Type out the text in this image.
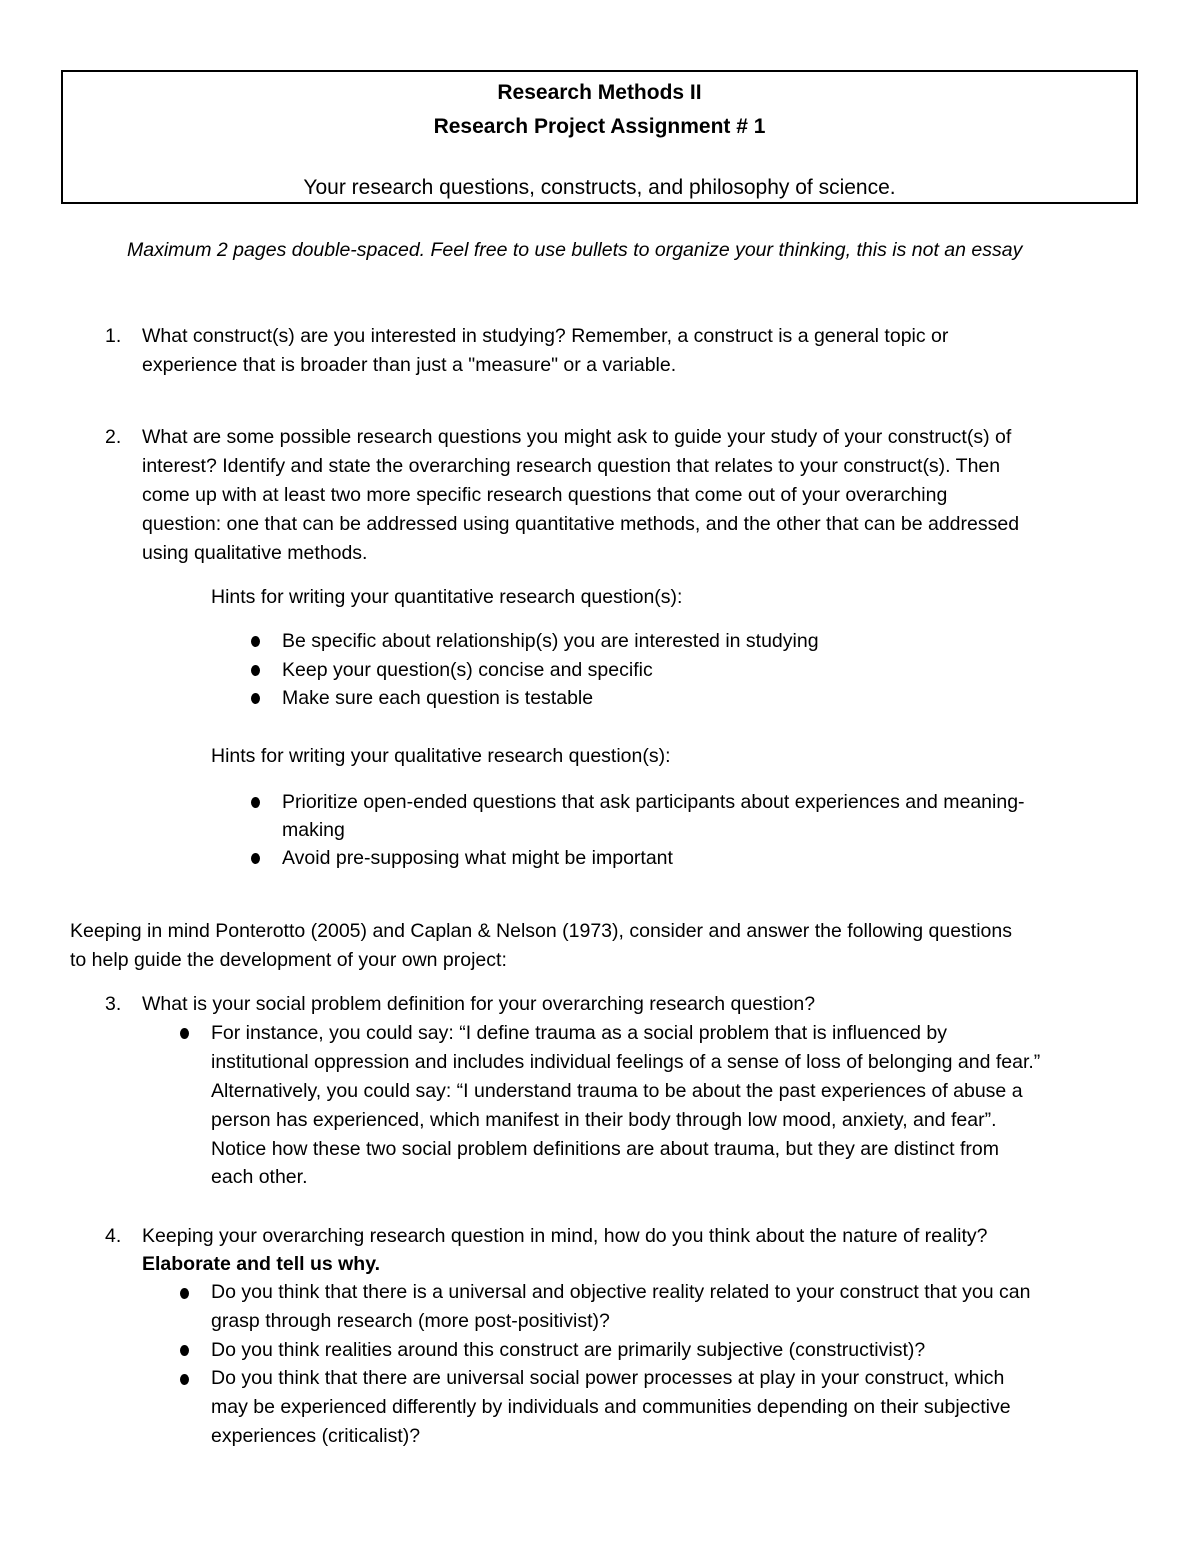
Research Methods II
Research Project Assignment # 1
Your research questions, constructs, and philosophy of science.
Maximum 2 pages double-spaced. Feel free to use bullets to organize your thinking, this is not an essay
1. What construct(s) are you interested in studying? Remember, a construct is a general topic or
experience that is broader than just a "measure" or a variable.
2. What are some possible research questions you might ask to guide your study of your construct(s) of
interest? Identify and state the overarching research question that relates to your construct(s). Then
come up with at least two more specific research questions that come out of your overarching
question: one that can be addressed using quantitative methods, and the other that can be addressed
using qualitative methods.
Hints for writing your quantitative research question(s):
Be specific about relationship(s) you are interested in studying
Keep your question(s) concise and specific
Make sure each question is testable
Hints for writing your qualitative research question(s):
Prioritize open-ended questions that ask participants about experiences and meaning-
making
Avoid pre-supposing what might be important
Keeping in mind Ponterotto (2005) and Caplan & Nelson (1973), consider and answer the following questions
to help guide the development of your own project:
3. What is your social problem definition for your overarching research question?
For instance, you could say: “I define trauma as a social problem that is influenced by
institutional oppression and includes individual feelings of a sense of loss of belonging and fear.”
Alternatively, you could say: “I understand trauma to be about the past experiences of abuse a
person has experienced, which manifest in their body through low mood, anxiety, and fear”.
Notice how these two social problem definitions are about trauma, but they are distinct from
each other.
4. Keeping your overarching research question in mind, how do you think about the nature of reality?
Elaborate and tell us why.
Do you think that there is a universal and objective reality related to your construct that you can
grasp through research (more post-positivist)?
Do you think realities around this construct are primarily subjective (constructivist)?
Do you think that there are universal social power processes at play in your construct, which
may be experienced differently by individuals and communities depending on their subjective
experiences (criticalist)?
